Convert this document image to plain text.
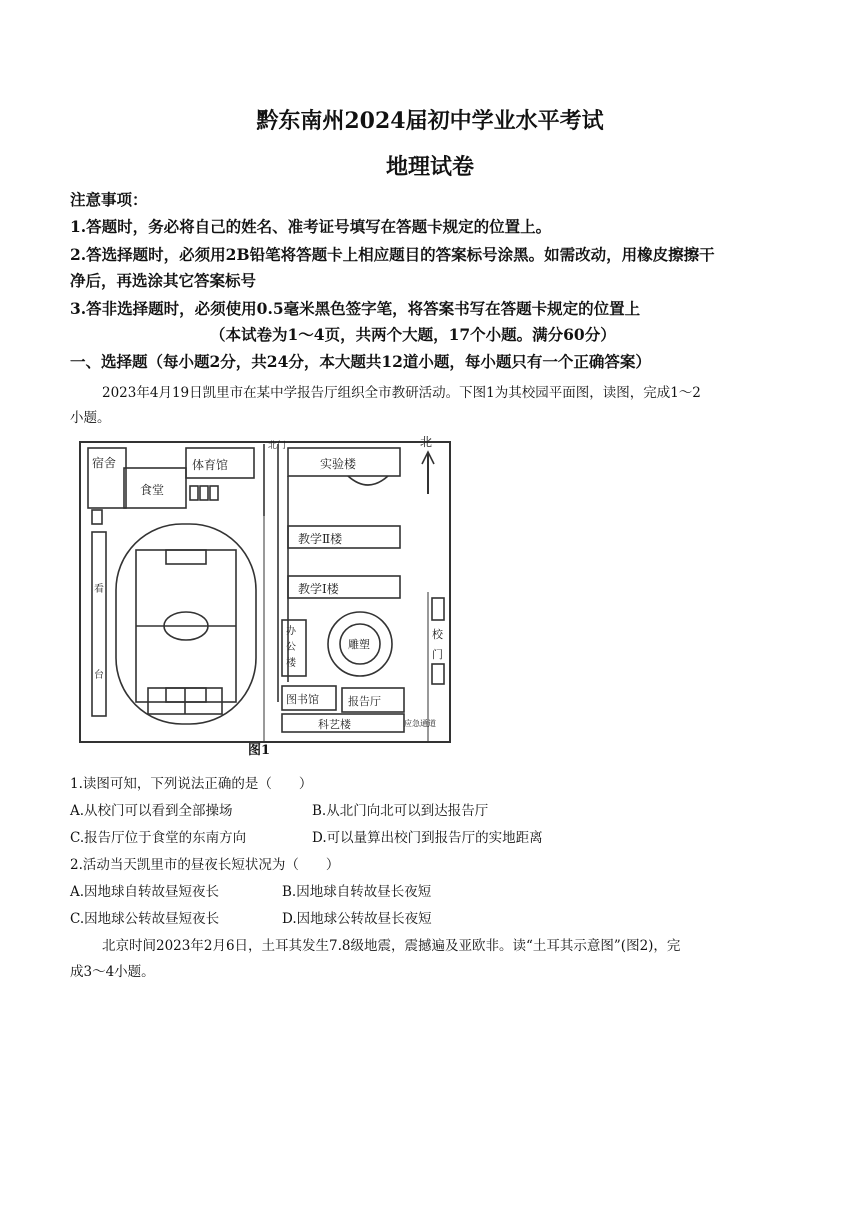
黔东南州2024届初中学业水平考试
地理试卷
注意事项：
1.答题时，务必将自己的姓名、准考证号填写在答题卡规定的位置上。
2.答选择题时，必须用2B铅笔将答题卡上相应题目的答案标号涂黑。如需改动，用橡皮擦擦干
净后，再选涂其它答案标号
3.答非选择题时，必须使用0.5毫米黑色签字笔，将答案书写在答题卡规定的位置上
（本试卷为1～4页，共两个大题，17个小题。满分60分）
一、选择题（每小题2分，共24分，本大题共12道小题，每小题只有一个正确答案）
2023年4月19日凯里市在某中学报告厅组织全市教研活动。下图1为其校园平面图，读图，完成1～2
小题。
宿舍	体育馆
食堂
北门
看
台
实验楼
北
教学Ⅱ楼
教学Ⅰ楼
办
公
楼
雕塑
校
门
图书馆	报告厅
科艺楼	应急通道
图1
1.读图可知，下列说法正确的是（　　）
A.从校门可以看到全部操场	B.从北门向北可以到达报告厅
C.报告厅位于食堂的东南方向	D.可以量算出校门到报告厅的实地距离
2.活动当天凯里市的昼夜长短状况为（　　）
A.因地球自转故昼短夜长	B.因地球自转故昼长夜短
C.因地球公转故昼短夜长	D.因地球公转故昼长夜短
北京时间2023年2月6日，土耳其发生7.8级地震，震撼遍及亚欧非。读“土耳其示意图”(图2)，完
成3～4小题。
